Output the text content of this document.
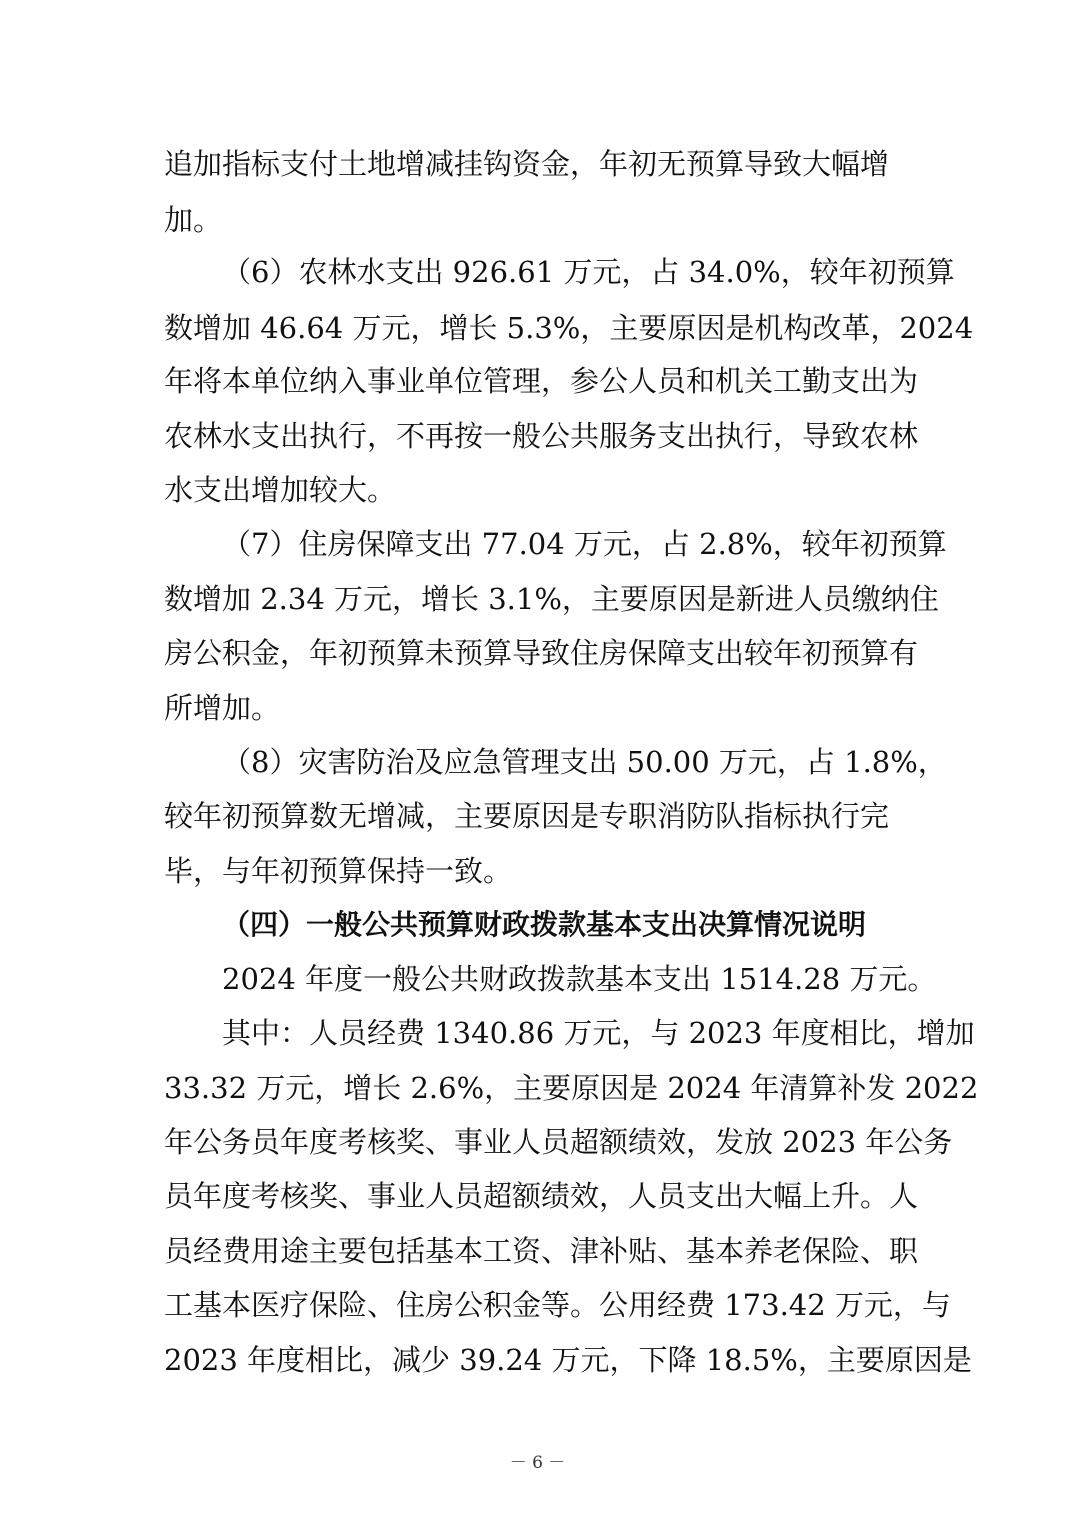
追加指标支付土地增减挂钩资金，年初无预算导致大幅增
加。
（6）农林水支出 926.61 万元，占 34.0%，较年初预算
数增加 46.64 万元，增长 5.3%，主要原因是机构改革，2024
年将本单位纳入事业单位管理，参公人员和机关工勤支出为
农林水支出执行，不再按一般公共服务支出执行，导致农林
水支出增加较大。
（7）住房保障支出 77.04 万元，占 2.8%，较年初预算
数增加 2.34 万元，增长 3.1%，主要原因是新进人员缴纳住
房公积金，年初预算未预算导致住房保障支出较年初预算有
所增加。
（8）灾害防治及应急管理支出 50.00 万元，占 1.8%，
较年初预算数无增减，主要原因是专职消防队指标执行完
毕，与年初预算保持一致。
（四）一般公共预算财政拨款基本支出决算情况说明
2024 年度一般公共财政拨款基本支出 1514.28 万元。
其中：人员经费 1340.86 万元，与 2023 年度相比，增加
33.32 万元，增长 2.6%，主要原因是 2024 年清算补发 2022
年公务员年度考核奖、事业人员超额绩效，发放 2023 年公务
员年度考核奖、事业人员超额绩效，人员支出大幅上升。人
员经费用途主要包括基本工资、津补贴、基本养老保险、职
工基本医疗保险、住房公积金等。公用经费 173.42 万元，与
2023 年度相比，减少 39.24 万元，下降 18.5%，主要原因是
－ 6 －
